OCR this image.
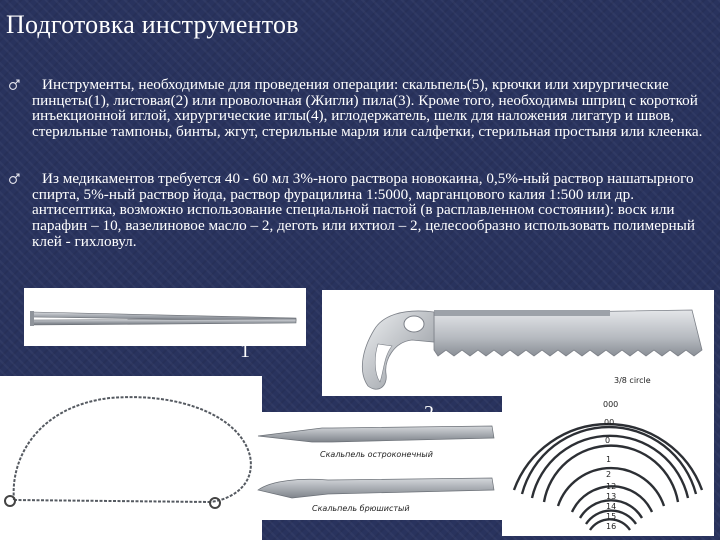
Подготовка инструментов
Инструменты, необходимые для проведения операции: скальпель(5), крючки или хирургические пинцеты(1), листовая(2) или проволочная (Жигли) пила(3). Кроме того, необходимы шприц с короткой инъекционной иглой, хирургические иглы(4), иглодержатель, шелк для наложения лигатур и швов, стерильные тампоны, бинты, жгут, стерильные марля или салфетки, стерильная простыня или клеенка.
Из медикаментов требуется 40 - 60 мл 3%-ного раствора новокаина, 0,5%-ный раствор нашатырного спирта, 5%-ный раствор йода, раствор фурацилина 1:5000, марганцового калия 1:500 или др. антисептика, возможно использование специальной пастой (в расплавленном состоянии): воск или парафин – 10, вазелиновое масло – 2, деготь или ихтиол – 2, целесообразно использовать полимерный клей - гихловул.
1
Скальпель остроконечный
Скальпель брюшистый
3/8 circle
000
00
0
1
2
12
13
14
15
16
